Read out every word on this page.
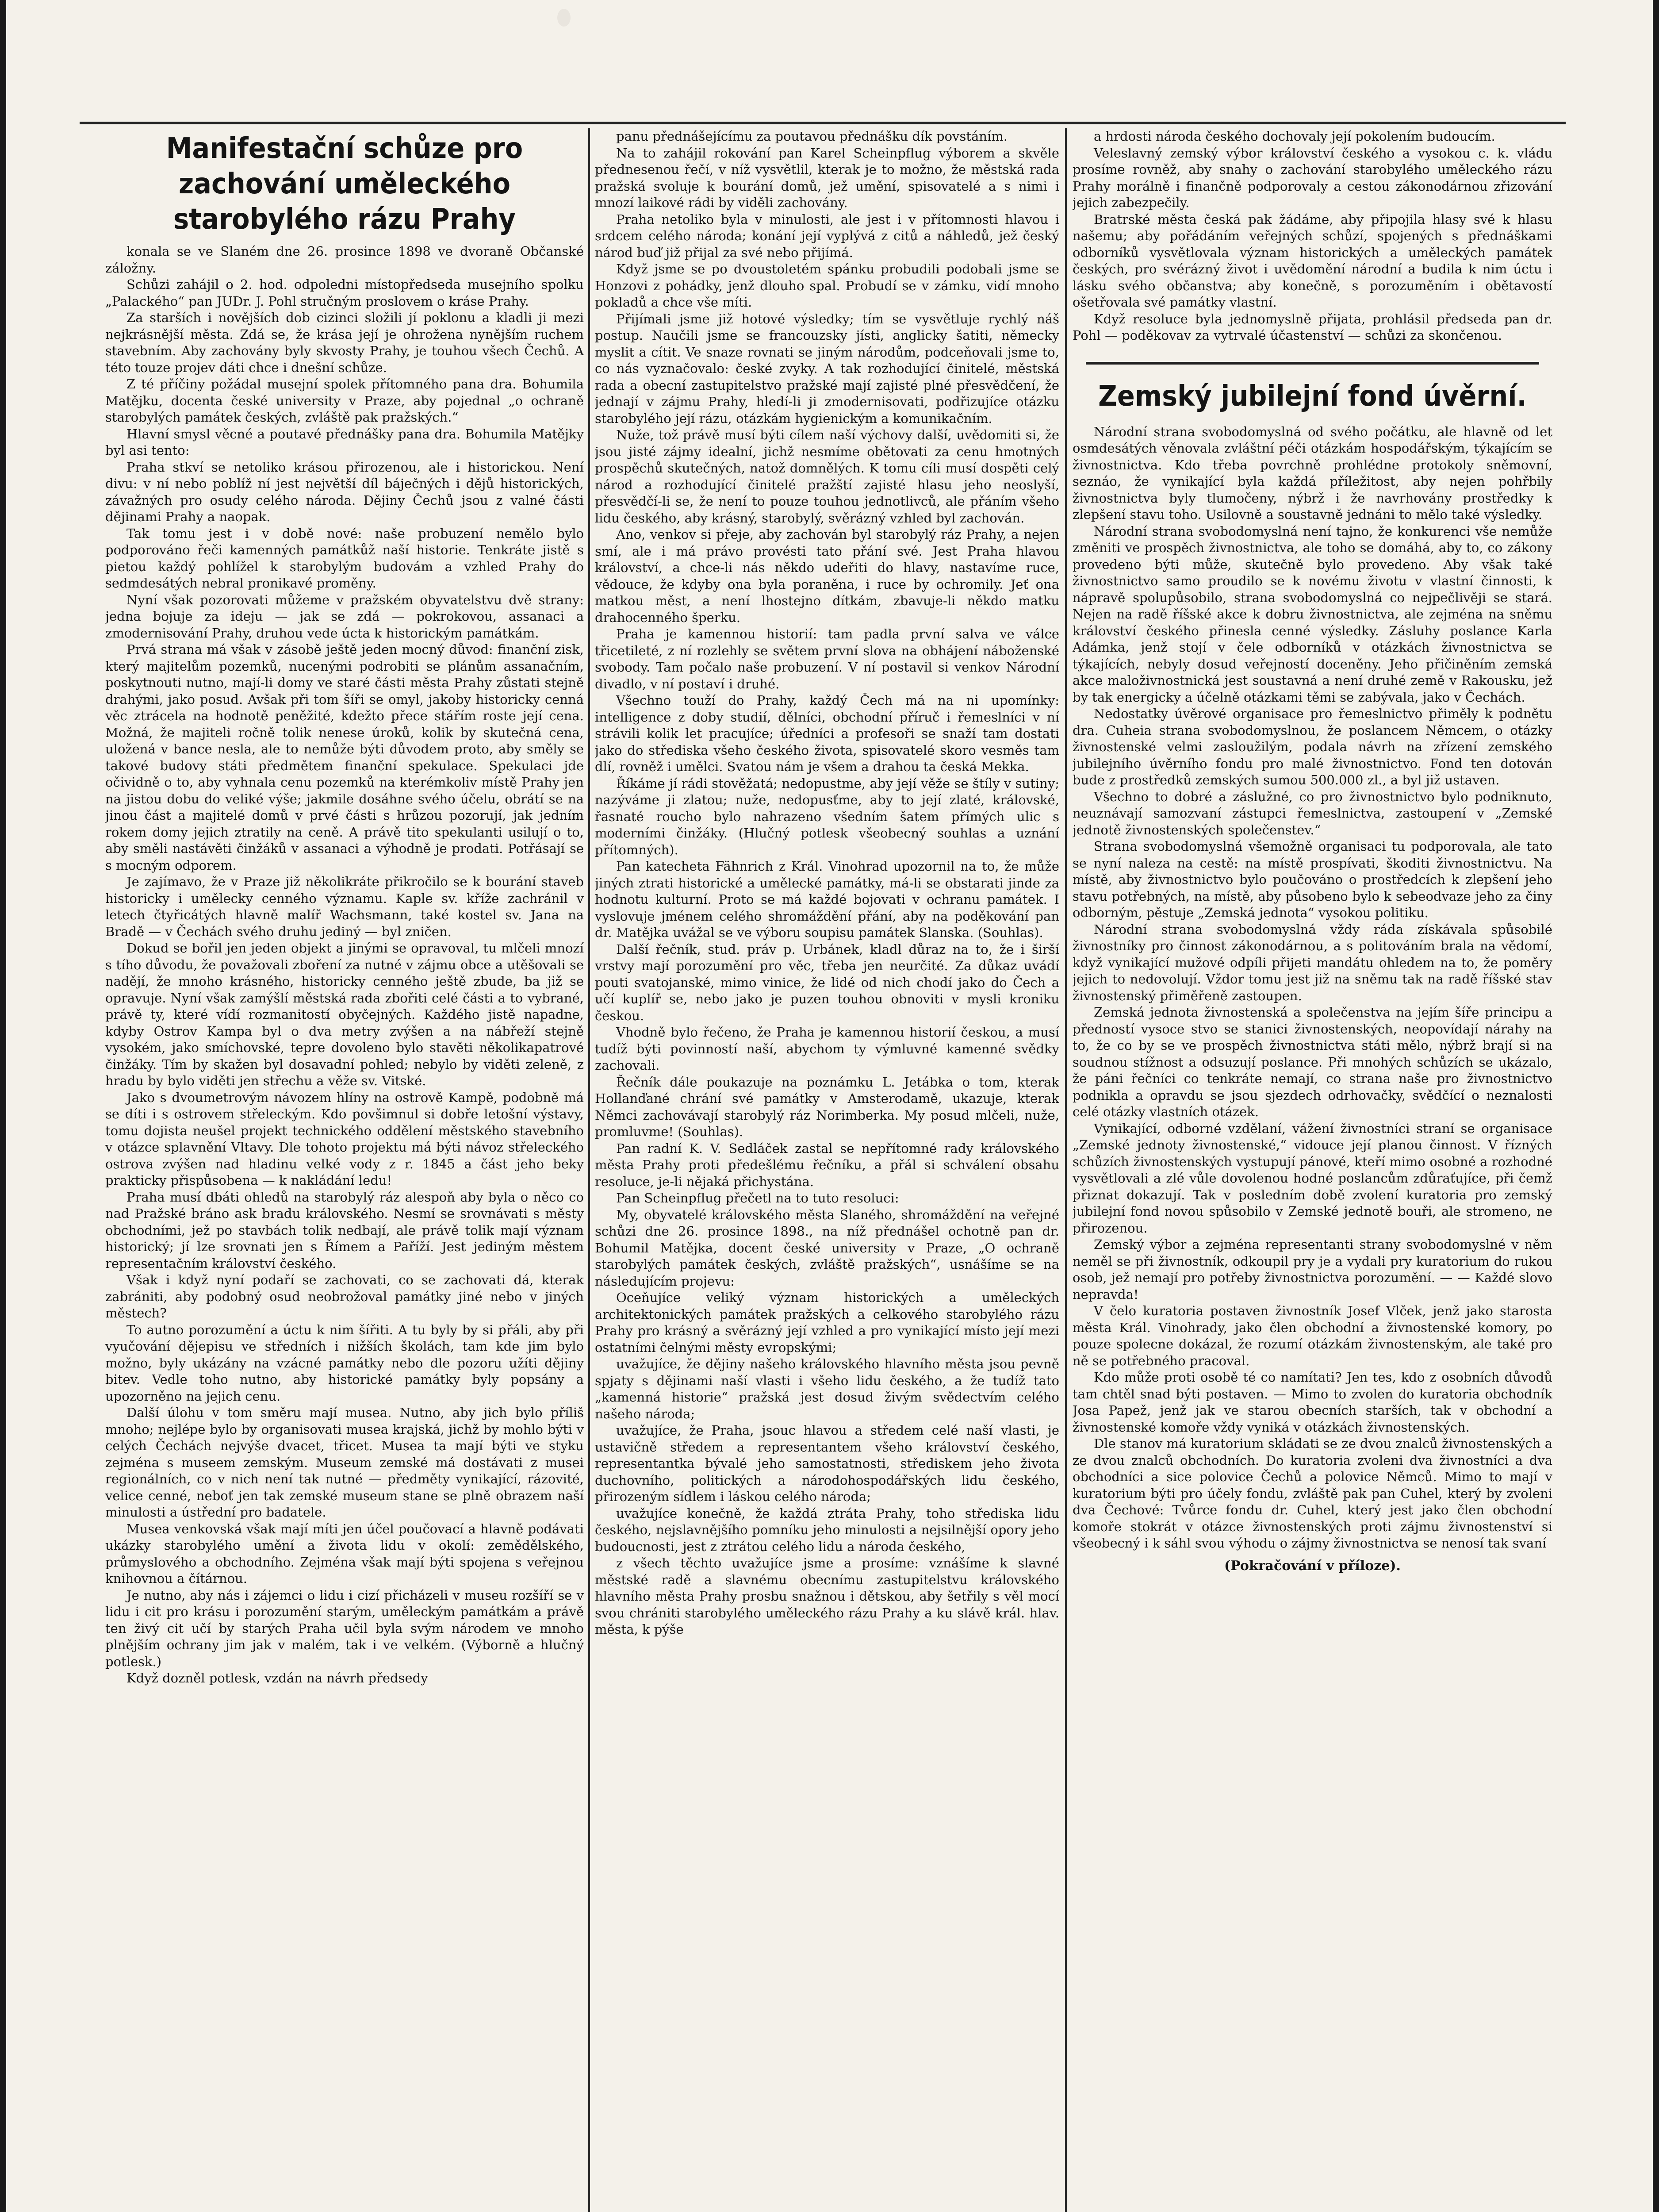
Manifestační schůze pro zachování uměleckého starobylého rázu Prahy

konala se ve Slaném dne 26. prosince 1898 ve dvoraně Občanské záložny.

Schůzi zahájil o 2. hod. odpoledni místopředseda musejního spolku „Palackého“ pan JUDr. J. Pohl stručným proslovem o kráse Prahy.

Za starších i novějších dob cizinci složili jí poklonu a kladli ji mezi nejkrásnější města. Zdá se, že krása její je ohrožena nynějším ruchem stavebním. Aby zachovány byly skvosty Prahy, je touhou všech Čechů. A této touze projev dáti chce i dnešní schůze.

Z té příčiny požádal musejní spolek přítomného pana dra. Bohumila Matějku, docenta české university v Praze, aby pojednal „o ochraně starobylých památek českých, zvláště pak pražských.“

Hlavní smysl věcné a poutavé přednášky pana dra. Bohumila Matějky byl asi tento:

Praha stkví se netoliko krásou přirozenou, ale i historickou. Není divu: v ní nebo poblíž ní jest největší díl báječných i dějů historických, závažných pro osudy celého národa. Dějiny Čechů jsou z valné části dějinami Prahy a naopak.

Tak tomu jest i v době nové: naše probuzení nemělo bylo podporováno řeči kamenných památkůž naší historie. Tenkráte jistě s pietou každý pohlížel k starobylým budovám a vzhled Prahy do sedmdesátých nebral pronikavé proměny.

Nyní však pozorovati můžeme v pražském obyvatelstvu dvě strany: jedna bojuje za ideju — jak se zdá — pokrokovou, assanaci a zmodernisování Prahy, druhou vede úcta k historickým památkám.

Prvá strana má však v zásobě ještě jeden mocný důvod: finanční zisk, který majitelům pozemků, nucenými podrobiti se plánům assanačním, poskytnouti nutno, mají-li domy ve staré části města Prahy zůstati stejně drahými, jako posud. Avšak při tom šíři se omyl, jakoby historicky cenná věc ztrácela na hodnotě peněžité, kdežto přece stářím roste její cena. Možná, že majiteli ročně tolik nenese úroků, kolik by skutečná cena, uložená v bance nesla, ale to nemůže býti důvodem proto, aby směly se takové budovy státi předmětem finanční spekulace. Spekulaci jde očividně o to, aby vyhnala cenu pozemků na kterémkoliv místě Prahy jen na jistou dobu do veliké výše; jakmile dosáhne svého účelu, obrátí se na jinou část a majitelé domů v prvé části s hrůzou pozorují, jak jedním rokem domy jejich ztratily na ceně. A právě tito spekulanti usilují o to, aby směli nastávěti činžáků v assanaci a výhodně je prodati. Potřásají se s mocným odporem.

Je zajímavo, že v Praze již několikráte přikročilo se k bourání staveb historicky i umělecky cenného významu. Kaple sv. kříže zachránil v letech čtyřicátých hlavně malíř Wachsmann, také kostel sv. Jana na Bradě — v Čechách svého druhu jediný — byl zničen.

Dokud se bořil jen jeden objekt a jinými se opravoval, tu mlčeli mnozí s tího důvodu, že považovali zboření za nutné v zájmu obce a utěšovali se nadějí, že mnoho krásného, historicky cenného ještě zbude, ba již se opravuje. Nyní však zamýšlí městská rada zbořiti celé části a to vybrané, právě ty, které vídí rozmanitostí obyčejných. Každého jistě napadne, kdyby Ostrov Kampa byl o dva metry zvýšen a na nábřeží stejně vysokém, jako smíchovské, tepre dovoleno bylo stavěti několikapatrové činžáky. Tím by skažen byl dosavadní pohled; nebylo by viděti zeleně, z hradu by bylo viděti jen střechu a věže sv. Vitské.

Jako s dvoumetrovým návozem hlíny na ostrově Kampě, podobně má se díti i s ostrovem střeleckým. Kdo povšimnul si dobře letošní výstavy, tomu dojista neušel projekt technického oddělení městského stavebního v otázce splavnění Vltavy. Dle tohoto projektu má býti návoz střeleckého ostrova zvýšen nad hladinu velké vody z r. 1845 a část jeho beky prakticky přispůsobena — k nakládání ledu!

Praha musí dbáti ohledů na starobylý ráz alespoň aby byla o něco co nad Pražské bráno ask bradu královského. Nesmí se srovnávati s městy obchodními, jež po stavbách tolik nedbají, ale právě tolik mají význam historický; jí lze srovnati jen s Římem a Paříží. Jest jediným městem representačním království českého.

Však i když nyní podaří se zachovati, co se zachovati dá, kterak zabrániti, aby podobný osud neobrožoval památky jiné nebo v jiných městech?

To autno porozumění a úctu k nim šířiti. A tu byly by si přáli, aby při vyučování dějepisu ve středních i nižších školách, tam kde jim bylo možno, byly ukázány na vzácné památky nebo dle pozoru užíti dějiny bitev. Vedle toho nutno, aby historické památky byly popsány a upozorněno na jejich cenu.

Další úlohu v tom směru mají musea. Nutno, aby jich bylo příliš mnoho; nejlépe bylo by organisovati musea krajská, jichž by mohlo býti v celých Čechách nejvýše dvacet, třicet. Musea ta mají býti ve styku zejména s museem zemským. Museum zemské má dostávati z musei regionálních, co v nich není tak nutné — předměty vynikající, rázovité, velice cenné, neboť jen tak zemské museum stane se plně obrazem naší minulosti a ústřední pro badatele.

Musea venkovská však mají míti jen účel poučovací a hlavně podávati ukázky starobylého umění a života lidu v okolí: zemědělského, průmyslového a obchodního. Zejména však mají býti spojena s veřejnou knihovnou a čítárnou.

Je nutno, aby nás i zájemci o lidu i cizí přicházeli v museu rozšíří se v lidu i cit pro krásu i porozumění starým, uměleckým památkám a právě ten živý cit učí by starých Praha učil byla svým národem ve mnoho plnějším ochrany jim jak v malém, tak i ve velkém. (Výborně a hlučný potlesk.)

Když dozněl potlesk, vzdán na návrh předsedy

panu přednášejícímu za poutavou přednášku dík povstáním.

Na to zahájil rokování pan Karel Scheinpflug výborem a skvěle přednesenou řečí, v níž vysvětlil, kterak je to možno, že městská rada pražská svoluje k bourání domů, jež umění, spisovatelé a s nimi i mnozí laikové rádi by viděli zachovány.

Praha netoliko byla v minulosti, ale jest i v přítomnosti hlavou i srdcem celého národa; konání její vyplývá z citů a náhledů, jež český národ buď již přijal za své nebo přijímá.

Když jsme se po dvoustoletém spánku probudili podobali jsme se Honzovi z pohádky, jenž dlouho spal. Probudí se v zámku, vidí mnoho pokladů a chce vše míti.

Přijímali jsme již hotové výsledky; tím se vysvětluje rychlý náš postup. Naučili jsme se francouzsky jísti, anglicky šatiti, německy myslit a cítit. Ve snaze rovnati se jiným národům, podceňovali jsme to, co nás vyznačovalo: české zvyky. A tak rozhodující činitelé, městská rada a obecní zastupitelstvo pražské mají zajisté plné přesvědčení, že jednají v zájmu Prahy, hledí-li ji zmodernisovati, podřizujíce otázku starobylého její rázu, otázkám hygienickým a komunikačním.

Nuže, tož právě musí býti cílem naší výchovy další, uvědomiti si, že jsou jisté zájmy idealní, jichž nesmíme obětovati za cenu hmotných prospěchů skutečných, natož domnělých. K tomu cíli musí dospěti celý národ a rozhodující činitelé pražští zajisté hlasu jeho neoslyší, přesvědčí-li se, že není to pouze touhou jednotlivců, ale přáním všeho lidu českého, aby krásný, starobylý, svěrázný vzhled byl zachován.

Ano, venkov si přeje, aby zachován byl starobylý ráz Prahy, a nejen smí, ale i má právo provésti tato přání své. Jest Praha hlavou království, a chce-li nás někdo udeřiti do hlavy, nastavíme ruce, vědouce, že kdyby ona byla poraněna, i ruce by ochromily. Jeť ona matkou měst, a není lhostejno dítkám, zbavuje-li někdo matku drahocenného šperku.

Praha je kamennou historií: tam padla první salva ve válce třicetileté, z ní rozlehly se světem první slova na obhájení náboženské svobody. Tam počalo naše probuzení. V ní postavil si venkov Národní divadlo, v ní postaví i druhé.

Všechno touží do Prahy, každý Čech má na ni upomínky: intelligence z doby studií, dělníci, obchodní příruč i řemeslníci v ní strávili kolik let pracujíce; úředníci a profesoři se snaží tam dostati jako do střediska všeho českého života, spisovatelé skoro vesměs tam dlí, rovněž i umělci. Svatou nám je všem a drahou ta česká Mekka.

Říkáme jí rádi stověžatá; nedopustme, aby její věže se štíly v sutiny; nazýváme ji zlatou; nuže, nedopusťme, aby to její zlaté, královské, řasnaté roucho bylo nahrazeno všedním šatem přímých ulic s moderními činžáky. (Hlučný potlesk všeobecný souhlas a uznání přítomných).

Pan katecheta Fähnrich z Král. Vinohrad upozornil na to, že může jiných ztrati historické a umělecké památky, má-li se obstarati jinde za hodnotu kulturní. Proto se má každé bojovati v ochranu památek. I vyslovuje jménem celého shromáždění přání, aby na poděkování pan dr. Matějka uvážal se ve výboru soupisu památek Slanska. (Souhlas).

Další řečník, stud. práv p. Urbánek, kladl důraz na to, že i širší vrstvy mají porozumění pro věc, třeba jen neurčité. Za důkaz uvádí pouti svatojanské, mimo vinice, že lidé od nich chodí jako do Čech a učí kuplíř se, nebo jako je puzen touhou obnoviti v mysli kroniku českou.

Vhodně bylo řečeno, že Praha je kamennou historií českou, a musí tudíž býti povinností naší, abychom ty výmluvné kamenné svědky zachovali.

Řečník dále poukazuje na poznámku L. Jetábka o tom, kterak Hollanďané chrání své památky v Amsterodamě, ukazuje, kterak Němci zachovávají starobylý ráz Norimberka. My posud mlčeli, nuže, promluvme! (Souhlas).

Pan radní K. V. Sedláček zastal se nepřítomné rady královského města Prahy proti předešlému řečníku, a přál si schválení obsahu resoluce, je-li nějaká přichystána.

Pan Scheinpflug přečetl na to tuto resoluci:

My, obyvatelé královského města Slaného, shromáždění na veřejné schůzi dne 26. prosince 1898., na níž přednášel ochotně pan dr. Bohumil Matějka, docent české university v Praze, „O ochraně starobylých památek českých, zvláště pražských“, usnášíme se na následujícím projevu:

Oceňujíce veliký význam historických a uměleckých architektonických památek pražských a celkového starobylého rázu Prahy pro krásný a svěrázný její vzhled a pro vynikající místo její mezi ostatními čelnými městy evropskými;

uvažujíce, že dějiny našeho královského hlavního města jsou pevně spjaty s dějinami naší vlasti i všeho lidu českého, a že tudíž tato „kamenná historie“ pražská jest dosud živým svědectvím celého našeho národa;

uvažujíce, že Praha, jsouc hlavou a středem celé naší vlasti, je ustavičně středem a representantem všeho království českého, representantka bývalé jeho samostatnosti, střediskem jeho života duchovního, politických a národohospodářských lidu českého, přirozeným sídlem i láskou celého národa;

uvažujíce konečně, že každá ztráta Prahy, toho střediska lidu českého, nejslavnějšího pomníku jeho minulosti a nejsilnější opory jeho budoucnosti, jest z ztrátou celého lidu a národa českého,

z všech těchto uvažujíce jsme a prosíme: vznášíme k slavné městské radě a slavnému obecnímu zastupitelstvu královského hlavního města Prahy prosbu snažnou i dětskou, aby šetřily s věl mocí svou chrániti starobylého uměleckého rázu Prahy a ku slávě král. hlav. města, k pýše

a hrdosti národa českého dochovaly její pokolením budoucím.

Veleslavný zemský výbor království českého a vysokou c. k. vládu prosíme rovněž, aby snahy o zachování starobylého uměleckého rázu Prahy morálně i finančně podporovaly a cestou zákonodárnou zřizování jejich zabezpečily.

Bratrské města česká pak žádáme, aby připojila hlasy své k hlasu našemu; aby pořádáním veřejných schůzí, spojených s přednáškami odborníků vysvětlovala význam historických a uměleckých památek českých, pro svérázný život i uvědomění národní a budila k nim úctu i lásku svého občanstva; aby konečně, s porozuměním i obětavostí ošetřovala své památky vlastní.

Když resoluce byla jednomyslně přijata, prohlásil předseda pan dr. Pohl — poděkovav za vytrvalé účastenství — schůzi za skončenou.

Zemský jubilejní fond úvěrní.

Národní strana svobodomyslná od svého počátku, ale hlavně od let osmdesátých věnovala zvláštní péči otázkám hospodářským, týkajícím se živnostnictva. Kdo třeba povrchně prohlédne protokoly sněmovní, seznáo, že vynikající byla každá příležitost, aby nejen pohřbily živnostnictva byly tlumočeny, nýbrž i že navrhovány prostředky k zlepšení stavu toho. Usilovně a soustavně jednáni to mělo také výsledky.

Národní strana svobodomyslná není tajno, že konkurenci vše nemůže změniti ve prospěch živnostnictva, ale toho se domáhá, aby to, co zákony provedeno býti může, skutečně bylo provedeno. Aby však také živnostnictvo samo proudilo se k novému životu v vlastní činnosti, k nápravě spolupůsobilo, strana svobodomyslná co nejpečlivěji se stará. Nejen na radě říšské akce k dobru živnostnictva, ale zejména na sněmu království českého přinesla cenné výsledky. Zásluhy poslance Karla Adámka, jenž stojí v čele odborníků v otázkách živnostnictva se týkajících, nebyly dosud veřejností doceněny. Jeho přičiněním zemská akce maloživnostnická jest soustavná a není druhé země v Rakousku, jež by tak energicky a účelně otázkami těmi se zabývala, jako v Čechách.

Nedostatky úvěrové organisace pro řemeslnictvo přiměly k podnětu dra. Cuheia strana svobodomyslnou, že poslancem Němcem, o otázky živnostenské velmi zasloužilým, podala návrh na zřízení zemského jubilejního úvěrního fondu pro malé živnostnictvo. Fond ten dotován bude z prostředků zemských sumou 500.000 zl., a byl již ustaven.

Všechno to dobré a záslužné, co pro živnostnictvo bylo podniknuto, neuznávají samozvaní zástupci řemeslnictva, zastoupení v „Zemské jednotě živnostenských společenstev.“

Strana svobodomyslná všemožně organisaci tu podporovala, ale tato se nyní naleza na cestě: na místě prospívati, škoditi živnostnictvu. Na místě, aby živnostnictvo bylo poučováno o prostředcích k zlepšení jeho stavu potřebných, na místě, aby působeno bylo k sebeodvaze jeho za činy odborným, pěstuje „Zemská jednota“ vysokou politiku.

Národní strana svobodomyslná vždy ráda získávala spůsobilé živnostníky pro činnost zákonodárnou, a s politováním brala na vědomí, když vynikající mužové odpíli přijeti mandátu ohledem na to, že poměry jejich to nedovolují. Vždor tomu jest již na sněmu tak na radě říšské stav živnostenský přiměřeně zastoupen.

Zemská jednota živnostenská a společenstva na jejím šíře principu a předností vysoce stvo se stanici živnostenských, neopovídají nárahy na to, že co by se ve prospěch živnostnictva státi mělo, nýbrž brají si na soudnou stížnost a odsuzují poslance. Při mnohých schůzích se ukázalo, že páni řečníci co tenkráte nemají, co strana naše pro živnostnictvo podnikla a opravdu se jsou sjezdech odrhovačky, svědčící o neznalosti celé otázky vlastních otázek.

Vynikající, odborné vzdělaní, vážení živnostníci straní se organisace „Zemské jednoty živnostenské,“ vidouce její planou činnost. V řízných schůzích živnostenských vystupují pánové, kteří mimo osobné a rozhodné vysvětlovali a zlé vůle dovolenou hodné poslancům zdůraťujíce, při čemž přiznat dokazují. Tak v posledním době zvolení kuratoria pro zemský jubilejní fond novou spůsobilo v Zemské jednotě bouři, ale stromeno, ne přirozenou.

Zemský výbor a zejména representanti strany svobodomyslné v něm neměl se při živnostník, odkoupil pry je a vydali pry kuratorium do rukou osob, jež nemají pro potřeby živnostnictva porozumění. — — Každé slovo nepravda!

V čelo kuratoria postaven živnostník Josef Vlček, jenž jako starosta města Král. Vinohrady, jako člen obchodní a živnostenské komory, po pouze spolecne dokázal, že rozumí otázkám živnostenským, ale také pro ně se potřebného pracoval.

Kdo může proti osobě té co namítati? Jen tes, kdo z osobních důvodů tam chtěl snad býti postaven. — Mimo to zvolen do kuratoria obchodník Josa Papež, jenž jak ve starou obecních starších, tak v obchodní a živnostenské komoře vždy vyniká v otázkách živnostenských.

Dle stanov má kuratorium skládati se ze dvou znalců živnostenských a ze dvou znalců obchodních. Do kuratoria zvoleni dva živnostníci a dva obchodníci a sice polovice Čechů a polovice Němců. Mimo to mají v kuratorium býti pro účely fondu, zvláště pak pan Cuhel, který by zvoleni dva Čechové: Tvůrce fondu dr. Cuhel, který jest jako člen obchodní komoře stokrát v otázce živnostenských proti zájmu živnostenství si všeobecný i k sáhl svou výhodu o zájmy živnostnictva se nenosí tak svaní

(Pokračování v příloze).
